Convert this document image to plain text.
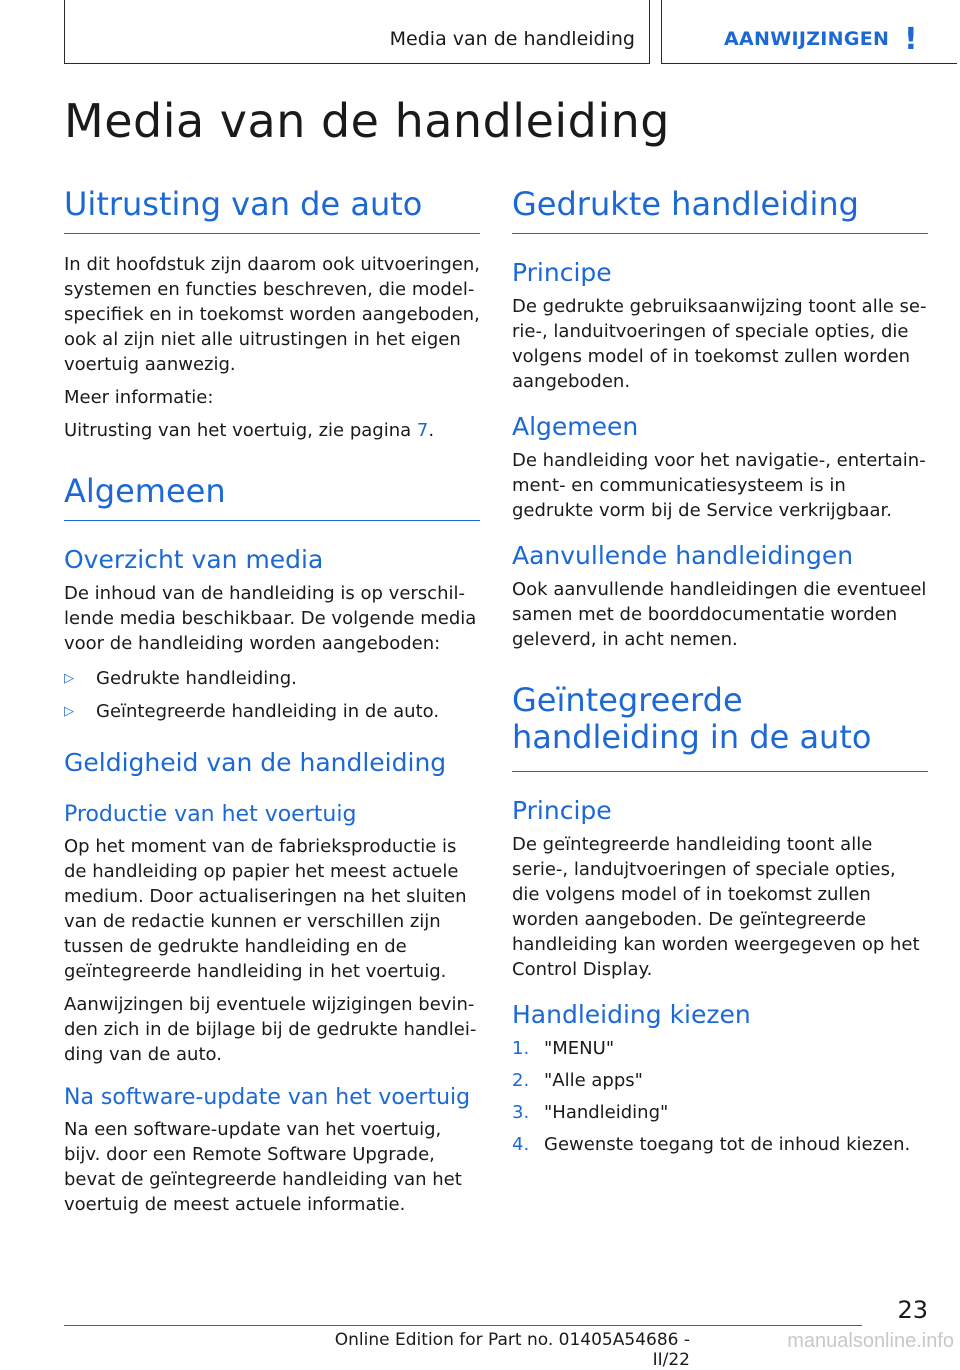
Media van de handleiding	AANWIJZINGEN !
Media van de handleiding
Uitrusting van de auto

In dit hoofdstuk zijn daarom ook uitvoeringen, systemen en functies beschreven, die modelspecifiek en in toekomst worden aangeboden, ook al zijn niet alle uitrustingen in het eigen voertuig aanwezig.

Meer informatie:

Uitrusting van het voertuig, zie pagina 7.

Algemeen
Overzicht van media

De inhoud van de handleiding is op verschillende media beschikbaar. De volgende media voor de handleiding worden aangeboden:

▷ Gedrukte handleiding.
▷ Geïntegreerde handleiding in de auto.
Geldigheid van de handleiding
Productie van het voertuig

Op het moment van de fabrieksproductie is de handleiding op papier het meest actuele medium. Door actualiseringen na het sluiten van de redactie kunnen er verschillen zijn tussen de gedrukte handleiding en de geïntegreerde handleiding in het voertuig.

Aanwijzingen bij eventuele wijzigingen bevinden zich in de bijlage bij de gedrukte handleiding van de auto.

Na software-update van het voertuig

Na een software-update van het voertuig, bijv. door een Remote Software Upgrade, bevat de geïntegreerde handleiding van het voertuig de meest actuele informatie.

Gedrukte handleiding
Principe

De gedrukte gebruiksaanwijzing toont alle serie-, landuitvoeringen of speciale opties, die volgens model of in toekomst zullen worden aangeboden.

Algemeen

De handleiding voor het navigatie-, entertainment- en communicatiesysteem is in gedrukte vorm bij de Service verkrijgbaar.

Aanvullende handleidingen

Ook aanvullende handleidingen die eventueel samen met de boorddocumentatie worden geleverd, in acht nemen.

Geïntegreerde handleiding in de auto
Principe

De geïntegreerde handleiding toont alle serie-, landujtvoeringen of speciale opties, die volgens model of in toekomst zullen worden aangeboden. De geïntegreerde handleiding kan worden weergegeven op het Control Display.

Handleiding kiezen
1. "MENU"
2. "Alle apps"
3. "Handleiding"
4. Gewenste toegang tot de inhoud kiezen.
23
Online Edition for Part no. 01405A54686 - II/22
manualsonline.info
